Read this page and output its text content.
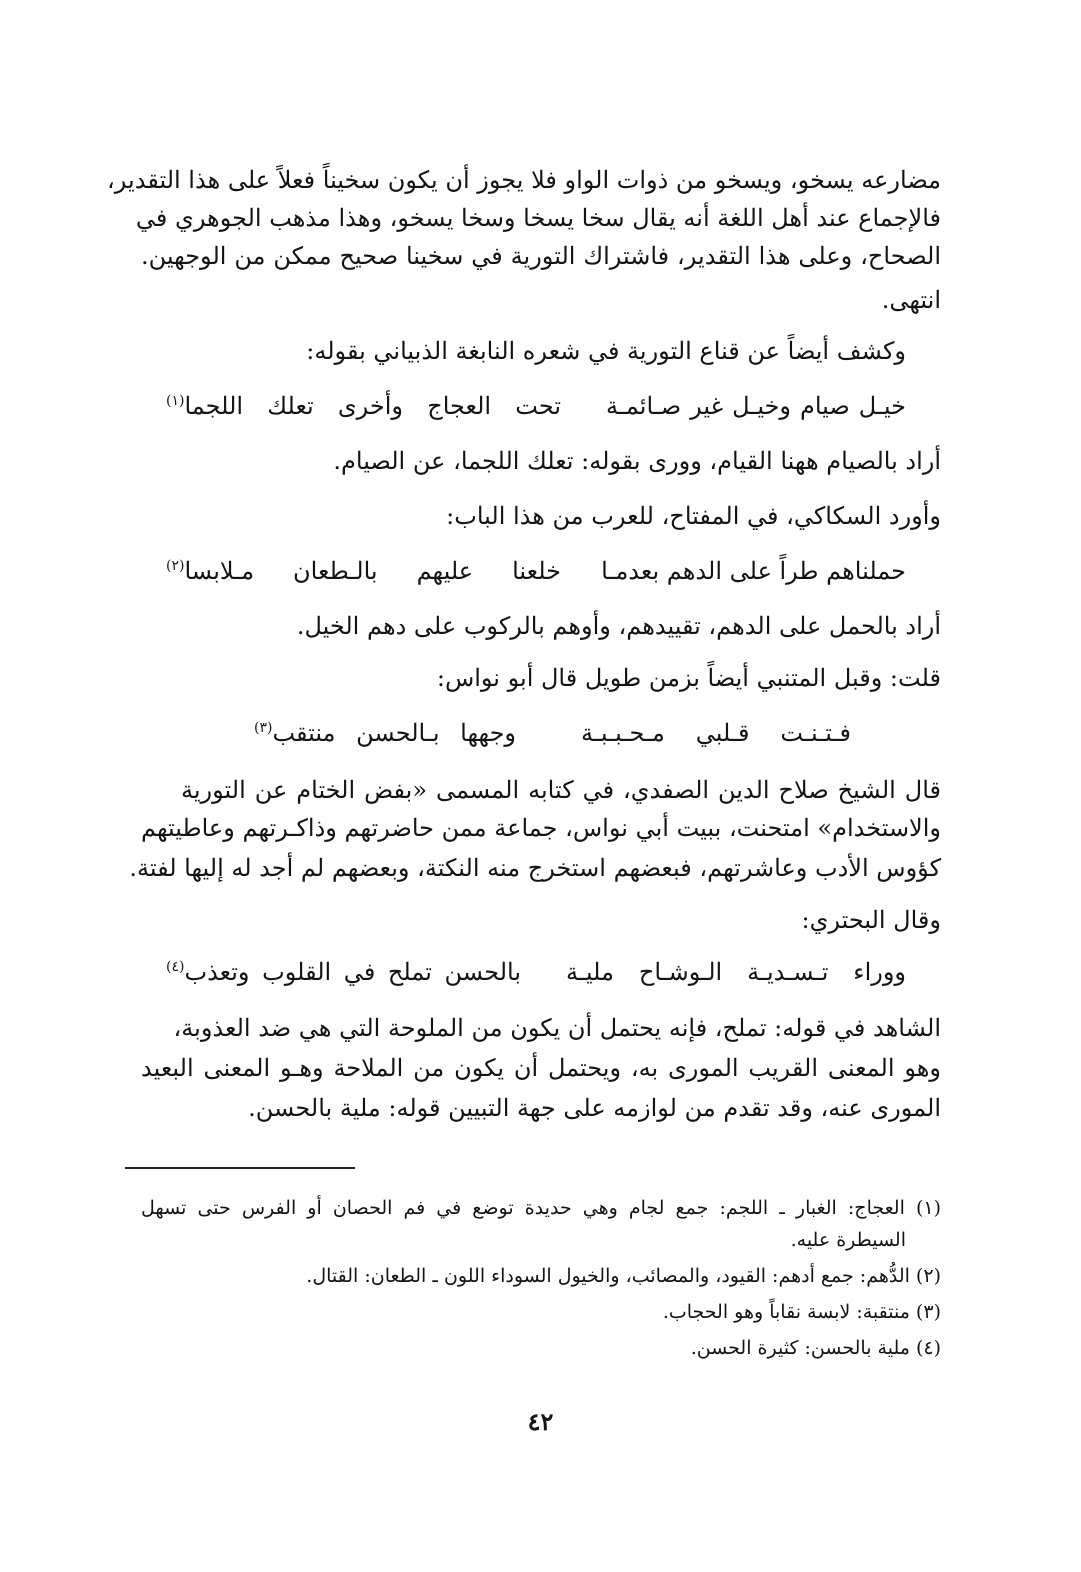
مضارعه يسخو، ويسخو من ذوات الواو فلا يجوز أن يكون سخيناً فعلاً على هذا التقدير،
فالإجماع عند أهل اللغة أنه يقال سخا يسخا وسخا يسخو، وهذا مذهب الجوهري في
الصحاح، وعلى هذا التقدير، فاشتراك التورية في سخينا صحيح ممكن من الوجهين.
انتهى.
وكشف أيضاً عن قناع التورية في شعره النابغة الذبياني بقوله:
خيـل صيام وخيـل غير صـائمـة
تحت العجاج وأخرى تعلك اللجما$^{(١)}$
أراد بالصيام ههنا القيام، وورى بقوله: تعلك اللجما، عن الصيام.
وأورد السكاكي، في المفتاح، للعرب من هذا الباب:
حملناهم طراً على الدهم بعدمـا
خلعنا عليهم بالـطعان مـلابسا$^{(٢)}$
أراد بالحمل على الدهم، تقييدهم، وأوهم بالركوب على دهم الخيل.
قلت: وقبل المتنبي أيضاً بزمن طويل قال أبو نواس:
فـتـنـت قـلبي مـحـبـبـة
وجهها بـالحسن منتقب$^{(٣)}$
قال الشيخ صلاح الدين الصفدي، في كتابه المسمى «بفض الختام عن التورية
والاستخدام» امتحنت، ببيت أبي نواس، جماعة ممن حاضرتهم وذاكـرتهم وعاطيتهم
كؤوس الأدب وعاشرتهم، فبعضهم استخرج منه النكتة، وبعضهم لم أجد له إليها لفتة.
وقال البحتري:
ووراء تـسـديـة الـوشـاح مليـة
بالحسن تملح في القلوب وتعذب$^{(٤)}$
الشاهد في قوله: تملح، فإنه يحتمل أن يكون من الملوحة التي هي ضد العذوبة،
وهو المعنى القريب المورى به، ويحتمل أن يكون من الملاحة وهـو المعنى البعيد
المورى عنه، وقد تقدم من لوازمه على جهة التبيين قوله: ملية بالحسن.
(١) العجاج: الغبار ـ اللجم: جمع لجام وهي حديدة توضع في فم الحصان أو الفرس حتى تسهل
السيطرة عليه.
(٢) الدُّهم: جمع أدهم: القيود، والمصائب، والخيول السوداء اللون ـ الطعان: القتال.
(٣) منتقبة: لابسة نقاباً وهو الحجاب.
(٤) ملية بالحسن: كثيرة الحسن.
٤٢
